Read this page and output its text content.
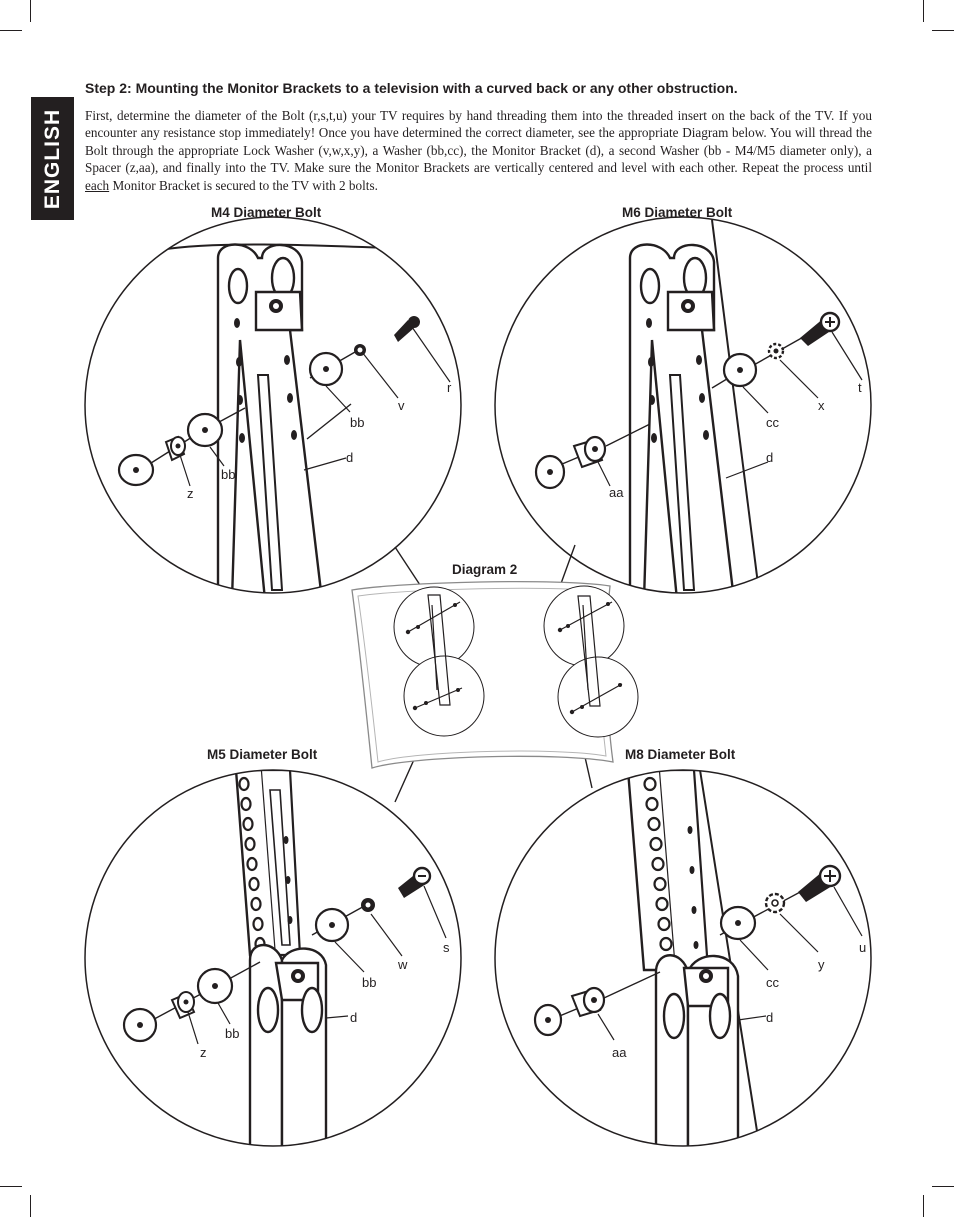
ENGLISH
Step 2: Mounting the Monitor Brackets to a television with a curved back or any other obstruction.

First, determine the diameter of the Bolt (r,s,t,u) your TV requires by hand threading them into the threaded insert on the back of the TV. If you encounter any resistance stop immediately! Once you have determined the correct diameter, see the appropriate Diagram below. You will thread the Bolt through the appropriate Lock Washer (v,w,x,y), a Washer (bb,cc), the Monitor Bracket (d), a second Washer (bb - M4/M5 diameter only), a Spacer (z,aa), and finally into the TV. Make sure the Monitor Brackets are vertically centered and level with each other. Repeat the process until each Monitor Bracket is secured to the TV with 2 bolts.

Diagram 2
M4 Diameter Bolt
r
v
bb
d
bb
z
M6 Diameter Bolt
t
x
cc
d
aa
M5 Diameter Bolt
s
w
bb
d
bb
z
M8 Diameter Bolt
u
y
cc
d
aa
